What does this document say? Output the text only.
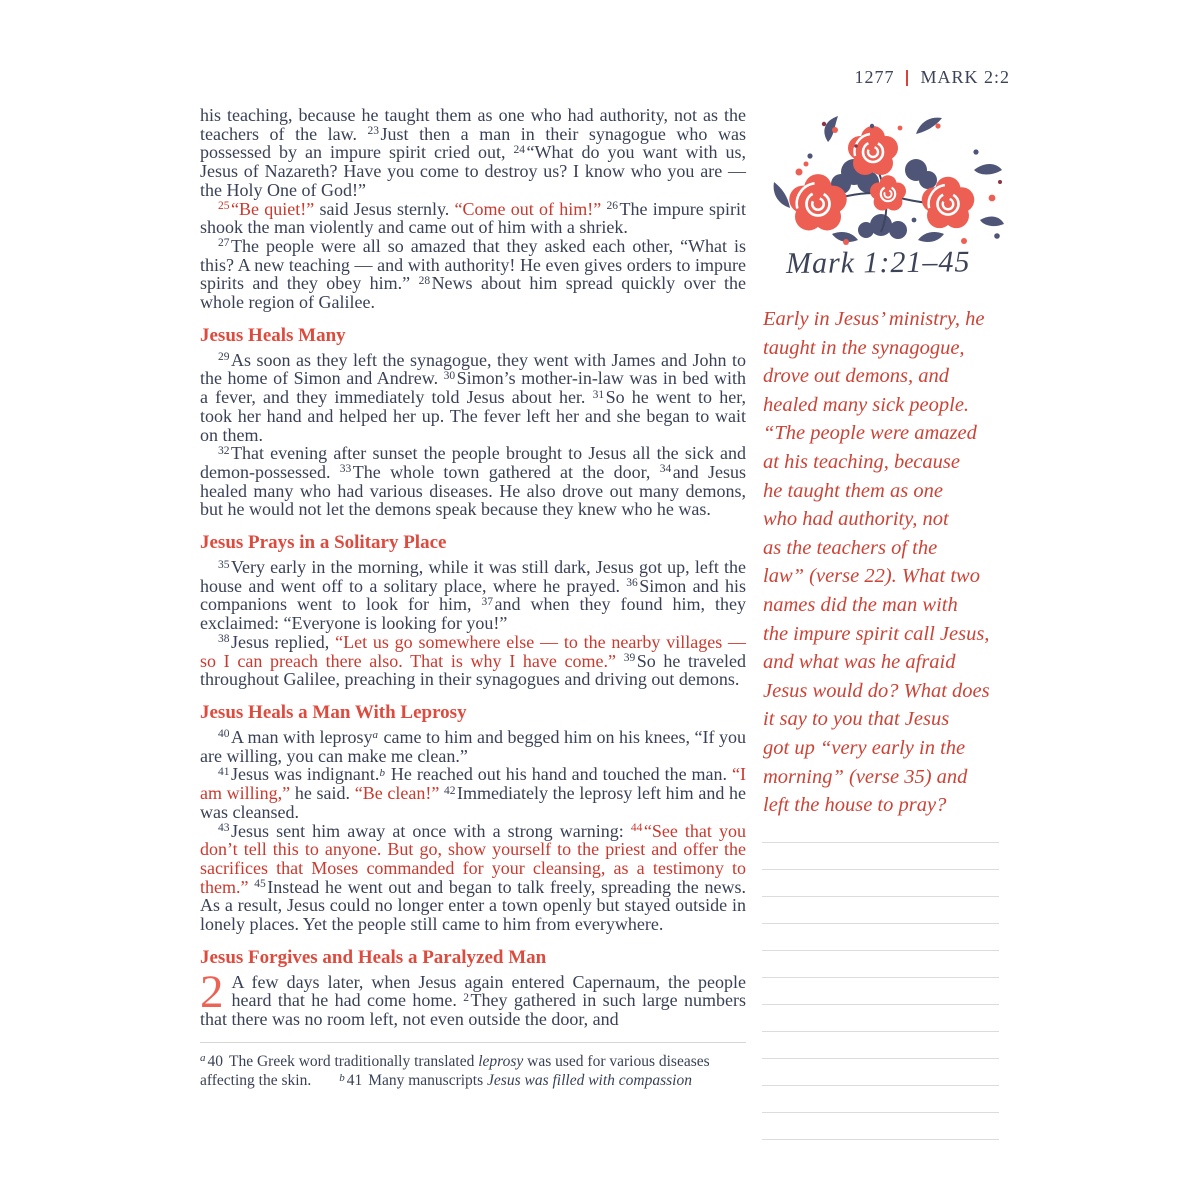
1277 MARK 2:2

his teaching, because he taught them as one who had authority, not as the teachers of the law. $^{23}$Just then a man in their synagogue who was possessed by an impure spirit cried out, $^{24}$“What do you want with us, Jesus of Nazareth? Have you come to destroy us? I know who you are — the Holy One of God!”

$^{25}$“Be quiet!” said Jesus sternly. “Come out of him!” $^{26}$The impure spirit shook the man violently and came out of him with a shriek.

$^{27}$The people were all so amazed that they asked each other, “What is this? A new teaching — and with authority! He even gives orders to impure spirits and they obey him.” $^{28}$News about him spread quickly over the whole region of Galilee.

Jesus Heals Many

$^{29}$As soon as they left the synagogue, they went with James and John to the home of Simon and Andrew. $^{30}$Simon’s mother-in-law was in bed with a fever, and they immediately told Jesus about her. $^{31}$So he went to her, took her hand and helped her up. The fever left her and she began to wait on them.

$^{32}$That evening after sunset the people brought to Jesus all the sick and demon-possessed. $^{33}$The whole town gathered at the door, $^{34}$and Jesus healed many who had various diseases. He also drove out many demons, but he would not let the demons speak because they knew who he was.

Jesus Prays in a Solitary Place

$^{35}$Very early in the morning, while it was still dark, Jesus got up, left the house and went off to a solitary place, where he prayed. $^{36}$Simon and his companions went to look for him, $^{37}$and when they found him, they exclaimed: “Everyone is looking for you!”

$^{38}$Jesus replied, “Let us go somewhere else — to the nearby villages — so I can preach there also. That is why I have come.” $^{39}$So he traveled throughout Galilee, preaching in their synagogues and driving out demons.

Jesus Heals a Man With Leprosy

$^{40}$A man with leprosy$^a$ came to him and begged him on his knees, “If you are willing, you can make me clean.”

$^{41}$Jesus was indignant.$^b$ He reached out his hand and touched the man. “I am willing,” he said. “Be clean!” $^{42}$Immediately the leprosy left him and he was cleansed.

$^{43}$Jesus sent him away at once with a strong warning: $^{44}$“See that you don’t tell this to anyone. But go, show yourself to the priest and offer the sacrifices that Moses commanded for your cleansing, as a testimony to them.” $^{45}$Instead he went out and began to talk freely, spreading the news. As a result, Jesus could no longer enter a town openly but stayed outside in lonely places. Yet the people still came to him from everywhere.

Jesus Forgives and Heals a Paralyzed Man

2 A few days later, when Jesus again entered Capernaum, the people heard that he had come home. $^2$They gathered in such large numbers that there was no room left, not even outside the door, and

$^a$ 40 The Greek word traditionally translated leprosy was used for various diseases affecting the skin.	$^b$ 41 Many manuscripts Jesus was filled with compassion

Mark 1:21–45
Early in Jesus’ ministry, he
taught in the synagogue,
drove out demons, and
healed many sick people.
“The people were amazed
at his teaching, because
he taught them as one
who had authority, not
as the teachers of the
law” (verse 22). What two
names did the man with
the impure spirit call Jesus,
and what was he afraid
Jesus would do? What does
it say to you that Jesus
got up “very early in the
morning” (verse 35) and
left the house to pray?
